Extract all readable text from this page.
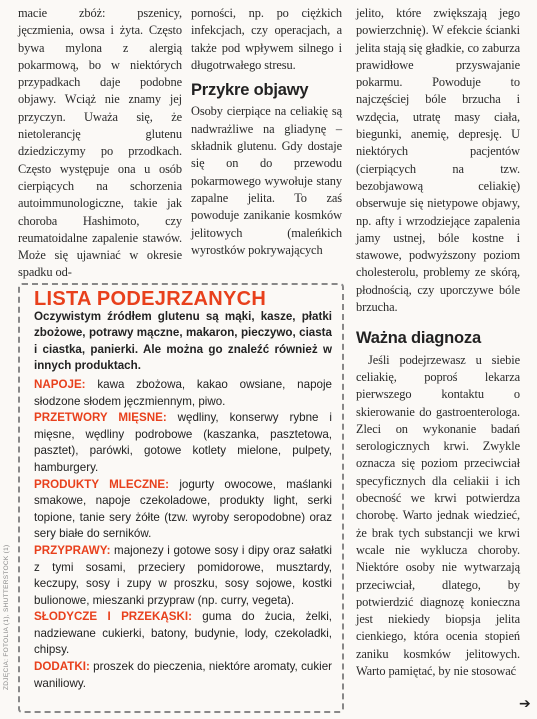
macie zbóż: pszenicy, jęczmienia, owsa i żyta. Często bywa mylona z alergią pokarmową, bo w niektórych przypadkach daje podobne objawy. Wciąż nie znamy jej przyczyn. Uważa się, że nietolerancję glutenu dziedziczymy po przodkach. Często występuje ona u osób cierpiących na schorzenia autoimmunologiczne, takie jak choroba Hashimoto, czy reumatoidalne zapalenie stawów. Może się ujawniać w okresie spadku od-

porności, np. po ciężkich infekcjach, czy operacjach, a także pod wpływem silnego i długotrwałego stresu.

Przykre objawy

Osoby cierpiące na celiakię są nadwrażliwe na gliadynę – składnik glutenu. Gdy dostaje się on do przewodu pokarmowego wywołuje stany zapalne jelita. To zaś powoduje zanikanie kosmków jelitowych (maleńkich wyrostków pokrywających

jelito, które zwiększają jego powierzchnię). W efekcie ścianki jelita stają się gładkie, co zaburza prawidłowe przyswajanie pokarmu. Powoduje to najczęściej bóle brzucha i wzdęcia, utratę masy ciała, biegunki, anemię, depresję. U niektórych pacjentów (cierpiących na tzw. bezobjawową celiakię) obserwuje się nietypowe objawy, np. afty i wrzodziejące zapalenia jamy ustnej, bóle kostne i stawowe, podwyższony poziom cholesterolu, problemy ze skórą, płodnością, czy uporczywe bóle brzucha.

Ważna diagnoza

Jeśli podejrzewasz u siebie celiakię, poproś lekarza pierwszego kontaktu o skierowanie do gastroenterologa. Zleci on wykonanie badań serologicznych krwi. Zwykle oznacza się poziom przeciwciał specyficznych dla celiakii i ich obecność we krwi potwierdza chorobę. Warto jednak wiedzieć, że brak tych substancji we krwi wcale nie wyklucza choroby. Niektóre osoby nie wytwarzają przeciwciał, dlatego, by potwierdzić diagnozę konieczna jest niekiedy biopsja jelita cienkiego, która ocenia stopień zaniku kosmków jelitowych. Warto pamiętać, by nie stosować

LISTA PODEJRZANYCH

Oczywistym źródłem glutenu są mąki, kasze, płatki zbożowe, potrawy mączne, makaron, pieczywo, ciasta i ciastka, panierki. Ale można go znaleźć również w innych produktach.

NAPOJE: kawa zbożowa, kakao owsiane, napoje słodzone słodem jęczmiennym, piwo.

PRZETWORY MIĘSNE: wędliny, konserwy rybne i mięsne, wędliny podrobowe (kaszanka, pasztetowa, pasztet), parówki, gotowe kotlety mielone, pulpety, hamburgery.

PRODUKTY MLECZNE: jogurty owocowe, maślanki smakowe, napoje czekoladowe, produkty light, serki topione, tanie sery żółte (tzw. wyroby seropodobne) oraz sery białe do serników.

PRZYPRAWY: majonezy i gotowe sosy i dipy oraz sałatki z tymi sosami, przeciery pomidorowe, musztardy, keczupy, sosy i zupy w proszku, sosy sojowe, kostki bulionowe, mieszanki przypraw (np. curry, vegeta).

SŁODYCZE I PRZEKĄSKI: guma do żucia, żelki, nadziewane cukierki, batony, budynie, lody, czekoladki, chipsy.

DODATKI: proszek do pieczenia, niektóre aromaty, cukier waniliowy.

ZDJĘCIA: FOTOLIA (1), SHUTTERSTOCK (1)
➔
